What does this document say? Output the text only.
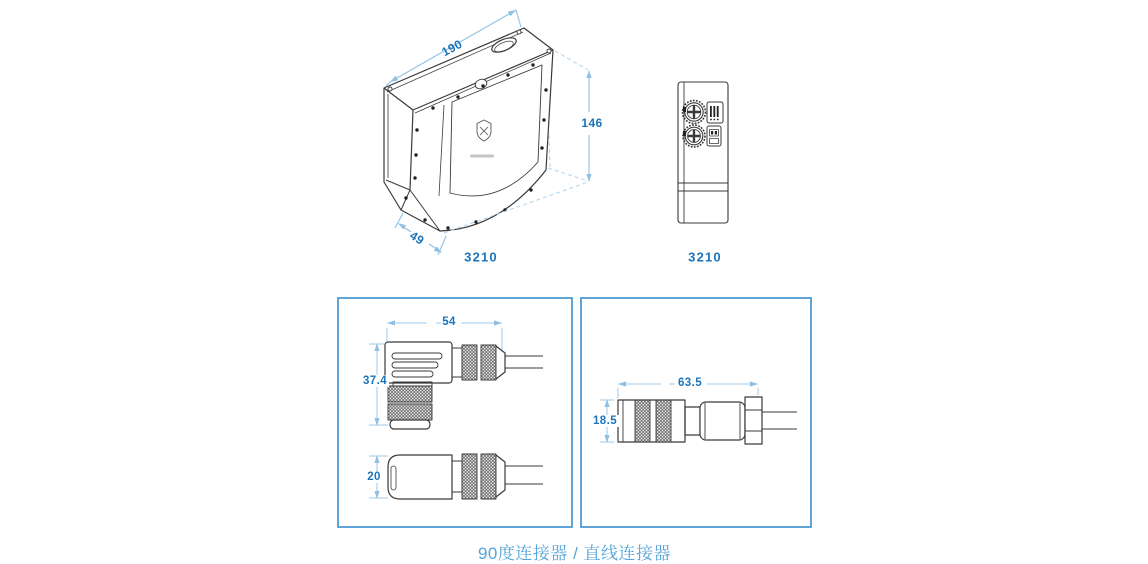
190
146
49
3210	3210
54
37.4
20
63.5
18.5
90度连接器 / 直线连接器
